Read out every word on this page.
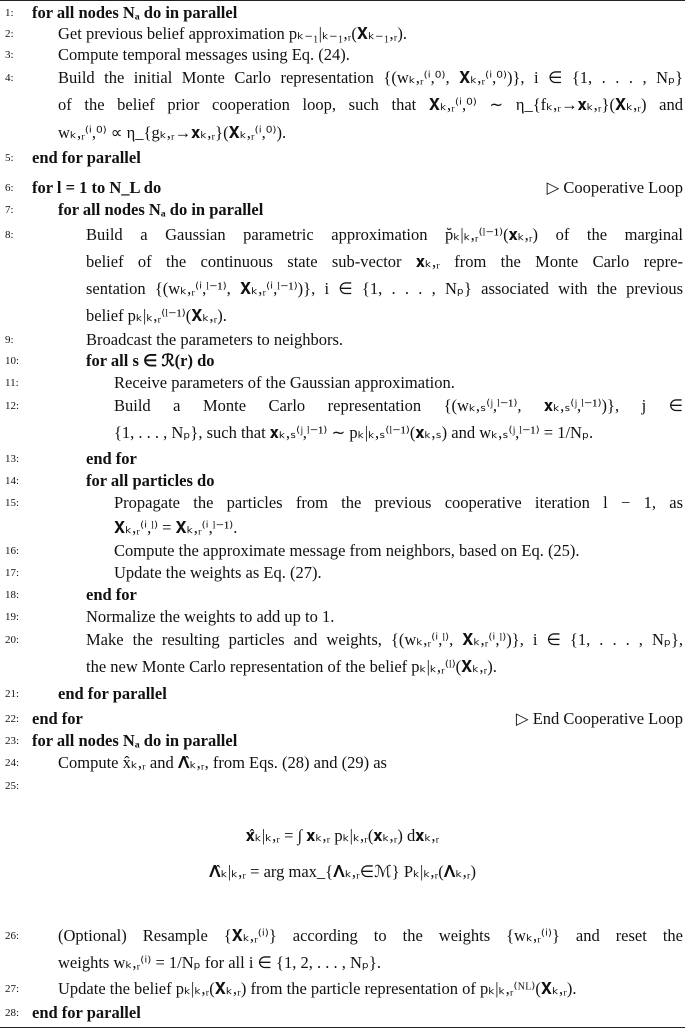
1: for all nodes Nₐ do in parallel
2:	Get previous belief approximation pₖ₋₁|ₖ₋₁,ᵣ(𝐗ₖ₋₁,ᵣ).
3:	Compute temporal messages using Eq. (24).
4:	Build the initial Monte Carlo representation {(wₖ,ᵣ⁽ⁱ,⁰⁾, 𝐗ₖ,ᵣ⁽ⁱ,⁰⁾)}, i ∈ {1, . . . , Nₚ}
of the belief prior cooperation loop, such that 𝐗ₖ,ᵣ⁽ⁱ,⁰⁾ ∼ η_{fₖ,ᵣ→𝐱ₖ,ᵣ}(𝐗ₖ,ᵣ) and
wₖ,ᵣ⁽ⁱ,⁰⁾ ∝ η_{gₖ,ᵣ→𝐱ₖ,ᵣ}(𝐗ₖ,ᵣ⁽ⁱ,⁰⁾).
5: end for parallel
6: for l = 1 to N_L do	▷ Cooperative Loop
7:	for all nodes Nₐ do in parallel
8:	Build a Gaussian parametric approximation p̆ₖ|ₖ,ᵣ⁽ˡ⁻¹⁾(𝐱ₖ,ᵣ) of the marginal
belief of the continuous state sub-vector 𝐱ₖ,ᵣ from the Monte Carlo repre-
sentation {(wₖ,ᵣ⁽ⁱ,ˡ⁻¹⁾, 𝐗ₖ,ᵣ⁽ⁱ,ˡ⁻¹⁾)}, i ∈ {1, . . . , Nₚ} associated with the previous
belief pₖ|ₖ,ᵣ⁽ˡ⁻¹⁾(𝐗ₖ,ᵣ).
9:	Broadcast the parameters to neighbors.
10:	for all s ∈ ℛ(r) do
11:	Receive parameters of the Gaussian approximation.
12:	Build a Monte Carlo representation {(wₖ,ₛ⁽ʲ,ˡ⁻¹⁾, 𝐱ₖ,ₛ⁽ʲ,ˡ⁻¹⁾)}, j ∈
{1, . . . , Nₚ}, such that 𝐱ₖ,ₛ⁽ʲ,ˡ⁻¹⁾ ∼ pₖ|ₖ,ₛ⁽ˡ⁻¹⁾(𝐱ₖ,ₛ) and wₖ,ₛ⁽ʲ,ˡ⁻¹⁾ = 1/Nₚ.
13:	end for
14:	for all particles do
15:	Propagate the particles from the previous cooperative iteration l − 1, as
𝐗ₖ,ᵣ⁽ⁱ,ˡ⁾ = 𝐗ₖ,ᵣ⁽ⁱ,ˡ⁻¹⁾.
16:	Compute the approximate message from neighbors, based on Eq. (25).
17:	Update the weights as Eq. (27).
18:	end for
19:	Normalize the weights to add up to 1.
20:	Make the resulting particles and weights, {(wₖ,ᵣ⁽ⁱ,ˡ⁾, 𝐗ₖ,ᵣ⁽ⁱ,ˡ⁾)}, i ∈ {1, . . . , Nₚ},
the new Monte Carlo representation of the belief pₖ|ₖ,ᵣ⁽ˡ⁾(𝐗ₖ,ᵣ).
21: end for parallel
22: end for	▷ End Cooperative Loop
23: for all nodes Nₐ do in parallel
24: Compute x̂ₖ,ᵣ and 𝚲̂ₖ,ᵣ, from Eqs. (28) and (29) as
25:
26: (Optional) Resample {𝐗ₖ,ᵣ⁽ⁱ⁾} according to the weights {wₖ,ᵣ⁽ⁱ⁾} and reset the
weights wₖ,ᵣ⁽ⁱ⁾ = 1/Nₚ for all i ∈ {1, 2, . . . , Nₚ}.
27: Update the belief pₖ|ₖ,ᵣ(𝐗ₖ,ᵣ) from the particle representation of pₖ|ₖ,ᵣ⁽ᴺᴸ⁾(𝐗ₖ,ᵣ).
28: end for parallel
𝐱̂ₖ|ₖ,ᵣ = ∫ 𝐱ₖ,ᵣ pₖ|ₖ,ᵣ(𝐱ₖ,ᵣ) d𝐱ₖ,ᵣ
𝚲̂ₖ|ₖ,ᵣ = arg max_{𝚲ₖ,ᵣ∈ℳ} Pₖ|ₖ,ᵣ(𝚲ₖ,ᵣ)
